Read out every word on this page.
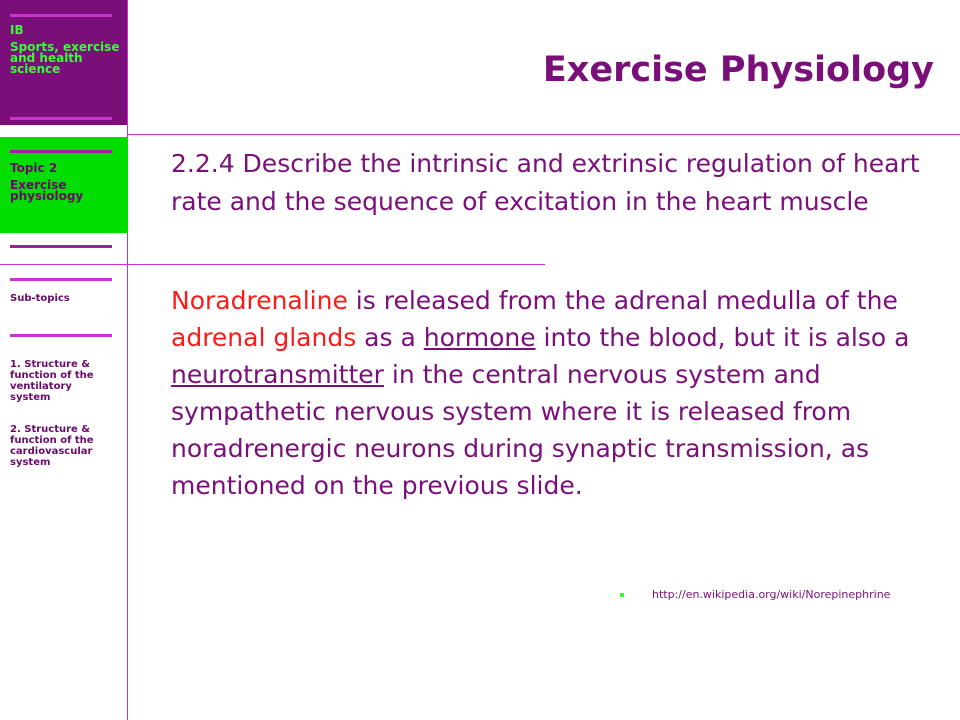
IB
Sports, exercise and health science
Topic 2
Exercise physiology
Sub-topics
1. Structure & function of the ventilatory system
2. Structure & function of the cardiovascular system
Exercise Physiology
2.2.4 Describe the intrinsic and extrinsic regulation of heart rate and the sequence of excitation in the heart muscle
Noradrenaline is released from the adrenal medulla of the adrenal glands as a hormone into the blood, but it is also a neurotransmitter in the central nervous system and sympathetic nervous system where it is released from noradrenergic neurons during synaptic transmission, as mentioned on the previous slide.
http://en.wikipedia.org/wiki/Norepinephrine
